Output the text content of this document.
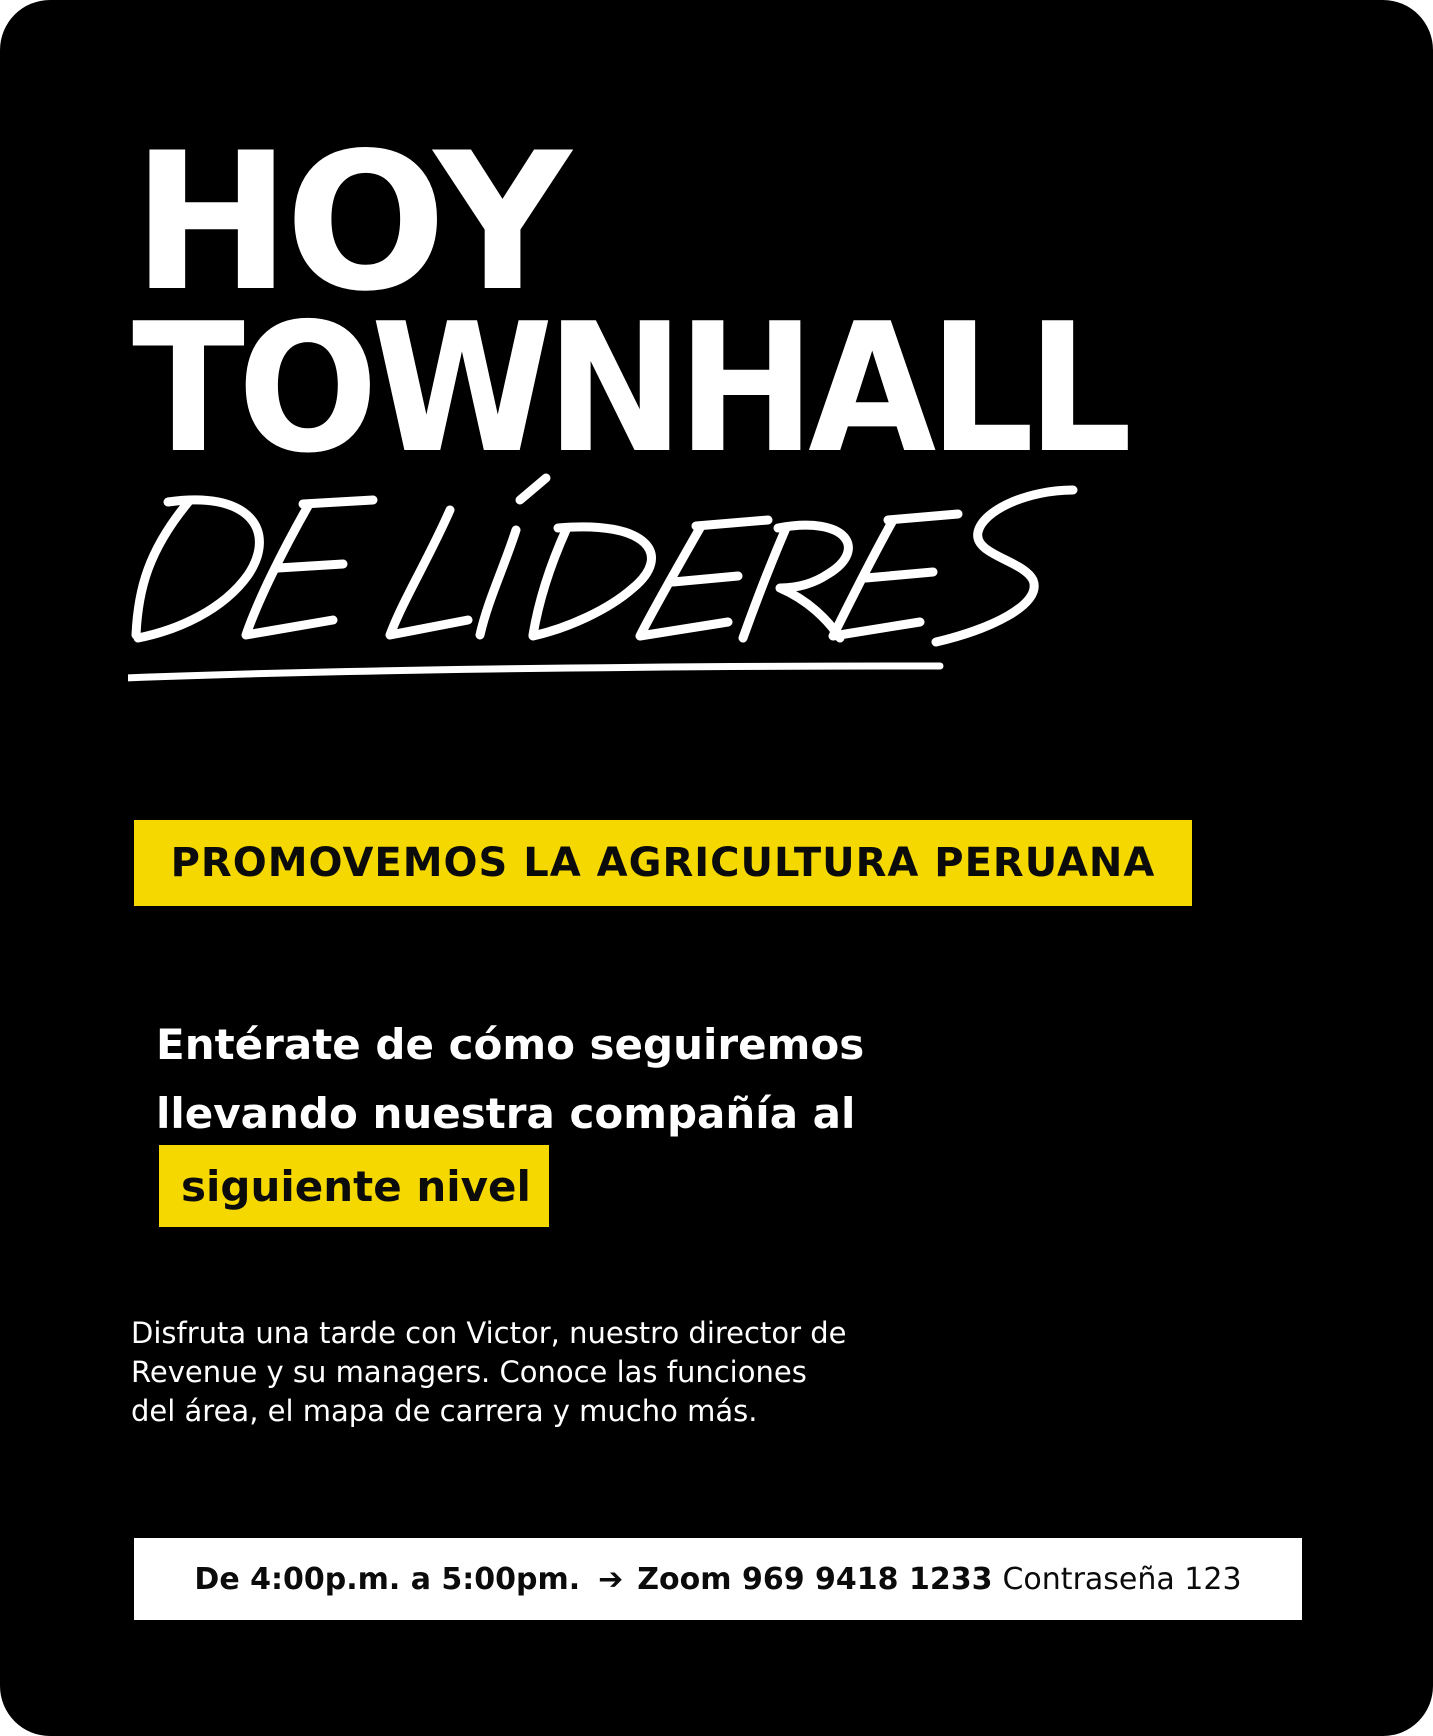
HOY
TOWNHALL
PROMOVEMOS LA AGRICULTURA PERUANA
Entérate de cómo seguiremos
llevando nuestra compañía al
siguiente nivel
Disfruta una tarde con Victor, nuestro director de
Revenue y su managers. Conoce las funciones
del área, el mapa de carrera y mucho más.
De 4:00p.m. a 5:00pm. ➔ Zoom 969 9418 1233 Contraseña 123
